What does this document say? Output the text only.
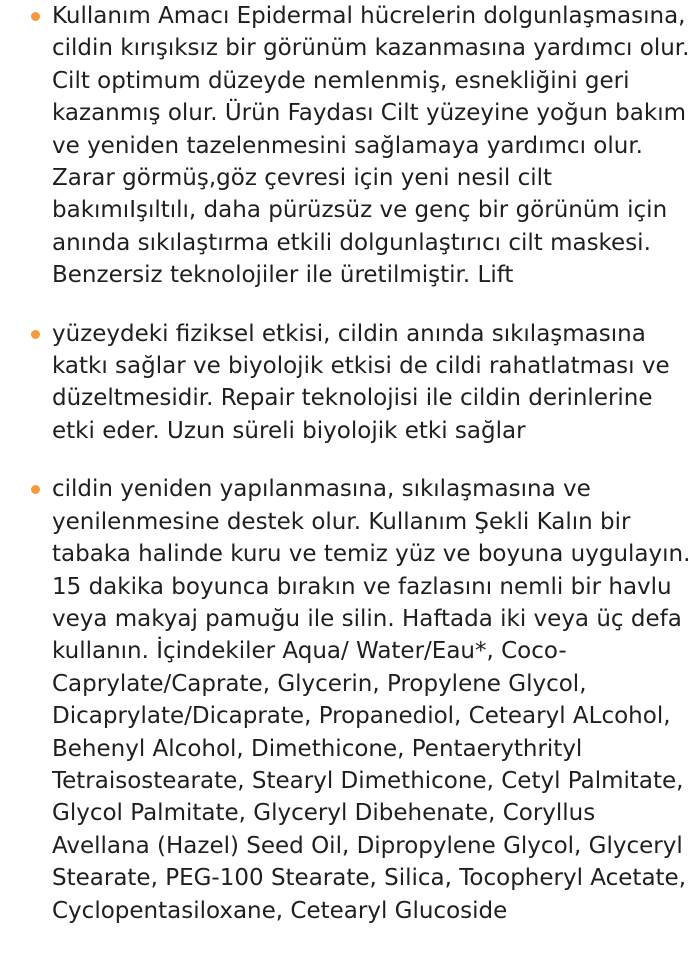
Kullanım Amacı Epidermal hücrelerin dolgunlaşmasına, cildin kırışıksız bir görünüm kazanmasına yardımcı olur. Cilt optimum düzeyde nemlenmiş, esnekliğini geri kazanmış olur. Ürün Faydası Cilt yüzeyine yoğun bakım ve yeniden tazelenmesini sağlamaya yardımcı olur. Zarar görmüş,göz çevresi için yeni nesil cilt bakımıIşıltılı, daha pürüzsüz ve genç bir görünüm için anında sıkılaştırma etkili dolgunlaştırıcı cilt maskesi. Benzersiz teknolojiler ile üretilmiştir. Lift
yüzeydeki fiziksel etkisi, cildin anında sıkılaşmasına katkı sağlar ve biyolojik etkisi de cildi rahatlatması ve düzeltmesidir. Repair teknolojisi ile cildin derinlerine etki eder. Uzun süreli biyolojik etki sağlar
cildin yeniden yapılanmasına, sıkılaşmasına ve yenilenmesine destek olur. Kullanım Şekli Kalın bir tabaka halinde kuru ve temiz yüz ve boyuna uygulayın. 15 dakika boyunca bırakın ve fazlasını nemli bir havlu veya makyaj pamuğu ile silin. Haftada iki veya üç defa kullanın. İçindekiler Aqua/ Water/Eau*, Coco-Caprylate/Caprate, Glycerin, Propylene Glycol, Dicaprylate/Dicaprate, Propanediol, Cetearyl ALcohol, Behenyl Alcohol, Dimethicone, Pentaerythrityl Tetraisostearate, Stearyl Dimethicone, Cetyl Palmitate, Glycol Palmitate, Glyceryl Dibehenate, Coryllus Avellana (Hazel) Seed Oil, Dipropylene Glycol, Glyceryl Stearate, PEG-100 Stearate, Silica, Tocopheryl Acetate, Cyclopentasiloxane, Cetearyl Glucoside
